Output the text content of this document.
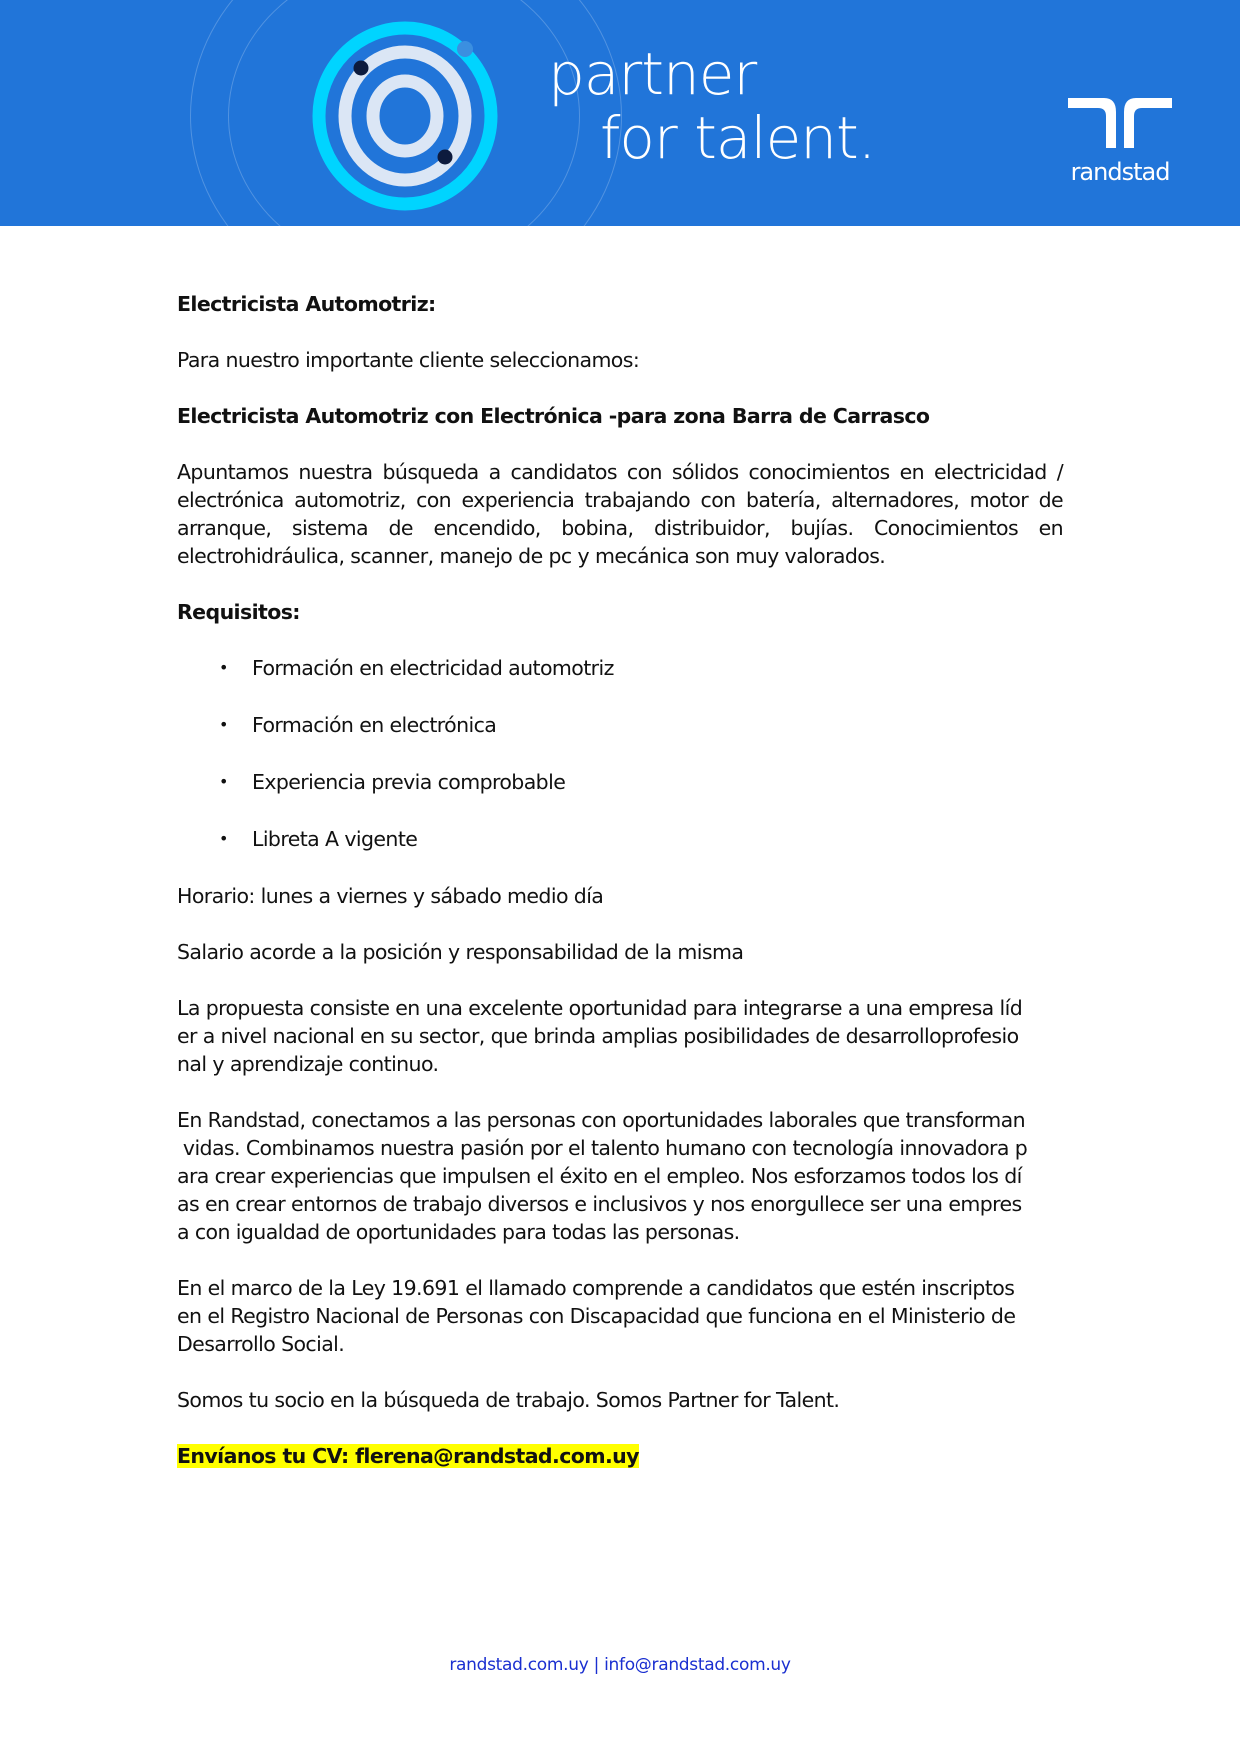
partner
for talent.	randstad

Electricista Automotriz:

Para nuestro importante cliente seleccionamos:

Electricista Automotriz con Electrónica -para zona Barra de Carrasco

Apuntamos nuestra búsqueda a candidatos con sólidos conocimientos en electricidad / electrónica automotriz, con experiencia trabajando con batería, alternadores, motor de arranque, sistema de encendido, bobina, distribuidor, bujías. Conocimientos en electrohidráulica, scanner, manejo de pc y mecánica son muy valorados.

Requisitos:

• Formación en electricidad automotriz
• Formación en electrónica
• Experiencia previa comprobable
• Libreta A vigente

Horario: lunes a viernes y sábado medio día

Salario acorde a la posición y responsabilidad de la misma

La propuesta consiste en una excelente oportunidad para integrarse a una empresa líd

er a nivel nacional en su sector, que brinda amplias posibilidades de desarrolloprofesio

nal y aprendizaje continuo.

En Randstad, conectamos a las personas con oportunidades laborales que transforman

vidas. Combinamos nuestra pasión por el talento humano con tecnología innovadora p

ara crear experiencias que impulsen el éxito en el empleo. Nos esforzamos todos los dí

as en crear entornos de trabajo diversos e inclusivos y nos enorgullece ser una empres

a con igualdad de oportunidades para todas las personas.

En el marco de la Ley 19.691 el llamado comprende a candidatos que estén inscriptos

en el Registro Nacional de Personas con Discapacidad que funciona en el Ministerio de

Desarrollo Social.

Somos tu socio en la búsqueda de trabajo. Somos Partner for Talent.

Envíanos tu CV: flerena@randstad.com.uy

randstad.com.uy | info@randstad.com.uy
